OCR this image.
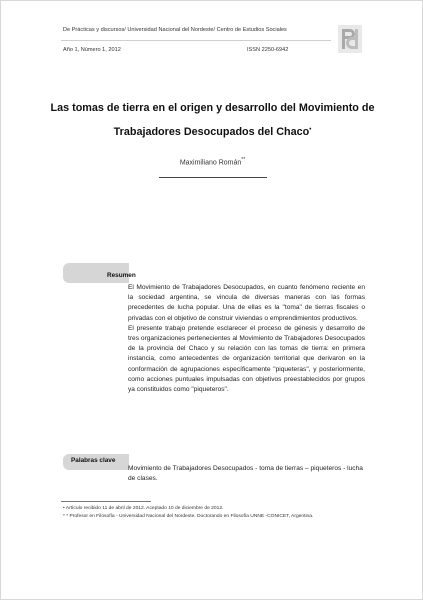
De Prácticas y discursos/ Universidad Nacional del Nordeste/ Centro de Estudios Sociales
Año 1, Número 1, 2012	ISSN 2250-6942
Las tomas de tierra en el origen y desarrollo del Movimiento de
Trabajadores Desocupados del Chaco•
Maximiliano Román**
Resumen

El Movimiento de Trabajadores Desocupados, en cuanto fenómeno reciente en la sociedad argentina, se vincula de diversas maneras con las formas precedentes de lucha popular. Una de ellas es la "toma" de tierras fiscales o privadas con el objetivo de construir viviendas o emprendimientos productivos.

El presente trabajo pretende esclarecer el proceso de génesis y desarrollo de tres organizaciones pertenecientes al Movimiento de Trabajadores Desocupados de la provincia del Chaco y su relación con las tomas de tierra: en primera instancia, como antecedentes de organización territorial que derivaron en la conformación de agrupaciones específicamente "piqueteras", y posteriormente, como acciones puntuales impulsadas con objetivos preestablecidos por grupos ya constituidos como "piqueteros".

Palabras clave
Movimiento de Trabajadores Desocupados - toma de tierras – piqueteros - lucha de clases.
• Artículo recibido 11 de abril de 2012. Aceptado 10 de diciembre de 2012.
* * Profesor en Filosofía - Universidad Nacional del Nordeste. Doctorando en Filosofía UNNE -CONICET, Argentina.
